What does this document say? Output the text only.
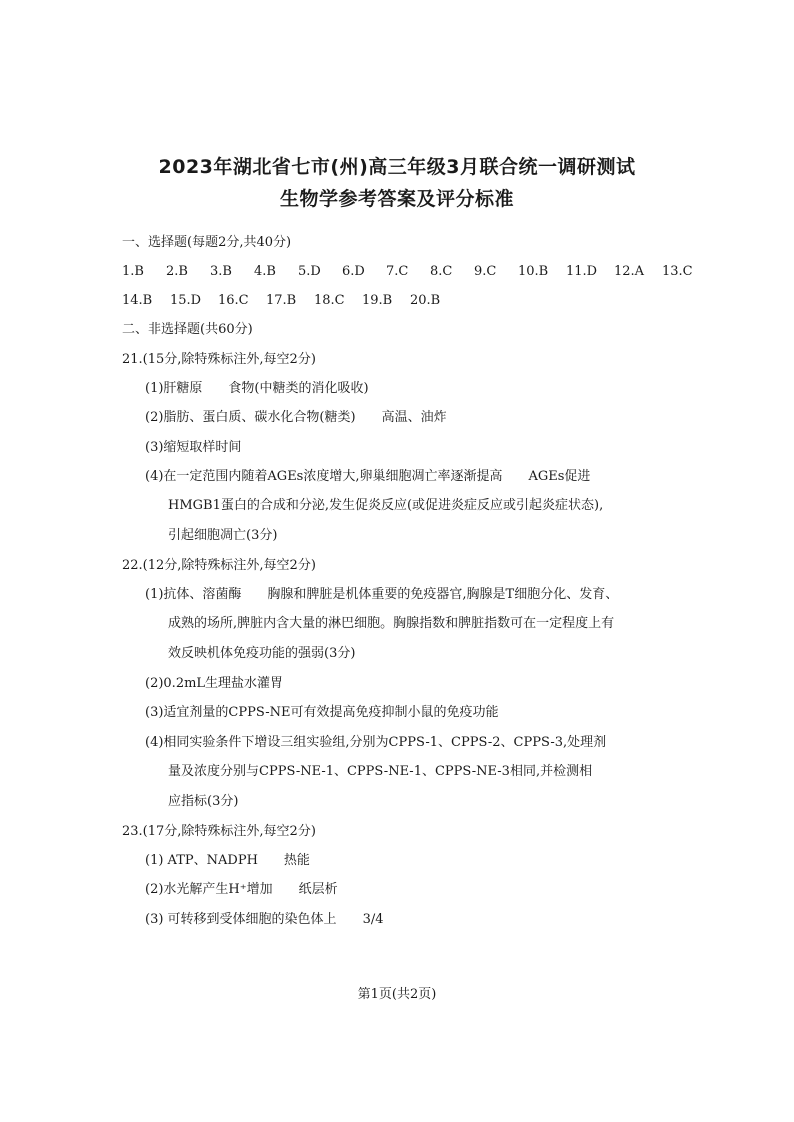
2023年湖北省七市(州)高三年级3月联合统一调研测试
生物学参考答案及评分标准
一、选择题(每题2分,共40分)
1.B 2.B 3.B 4.B 5.D 6.D 7.C 8.C 9.C 10.B 11.D 12.A 13.C
14.B 15.D 16.C 17.B 18.C 19.B 20.B
二、非选择题(共60分)
21.(15分,除特殊标注外,每空2分)
(1)肝糖原 食物(中糖类的消化吸收)
(2)脂肪、蛋白质、碳水化合物(糖类) 高温、油炸
(3)缩短取样时间
(4)在一定范围内随着AGEs浓度增大,卵巢细胞凋亡率逐渐提高 AGEs促进
HMGB1蛋白的合成和分泌,发生促炎反应(或促进炎症反应或引起炎症状态),
引起细胞凋亡(3分)
22.(12分,除特殊标注外,每空2分)
(1)抗体、溶菌酶 胸腺和脾脏是机体重要的免疫器官,胸腺是T细胞分化、发育、
成熟的场所,脾脏内含大量的淋巴细胞。胸腺指数和脾脏指数可在一定程度上有
效反映机体免疫功能的强弱(3分)
(2)0.2mL生理盐水灌胃
(3)适宜剂量的CPPS-NE可有效提高免疫抑制小鼠的免疫功能
(4)相同实验条件下增设三组实验组,分别为CPPS-1、CPPS-2、CPPS-3,处理剂
量及浓度分别与CPPS-NE-1、CPPS-NE-1、CPPS-NE-3相同,并检测相
应指标(3分)
23.(17分,除特殊标注外,每空2分)
(1) ATP、NADPH 热能
(2)水光解产生H⁺增加 纸层析
(3) 可转移到受体细胞的染色体上 3/4
第1页(共2页)
